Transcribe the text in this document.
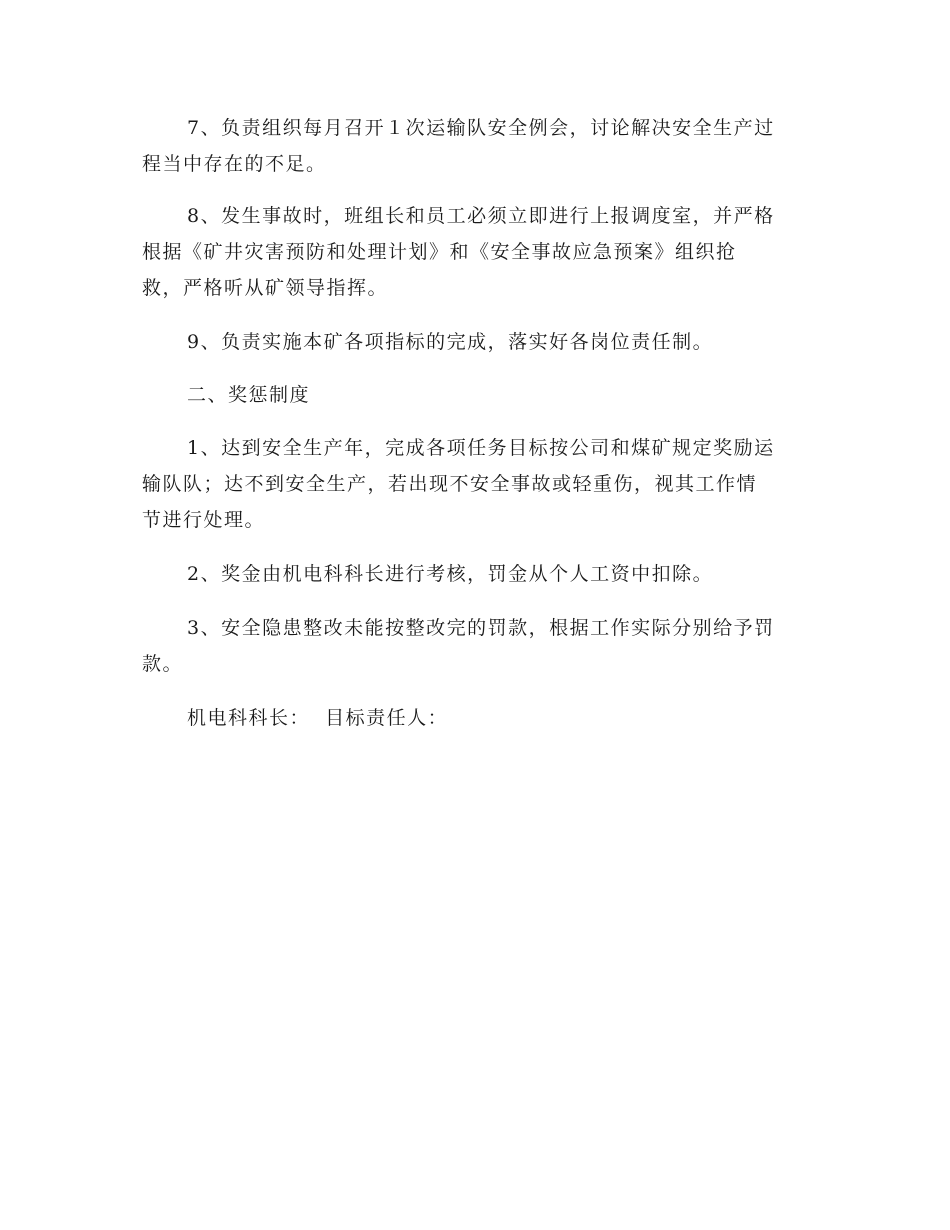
7、负责组织每月召开１次运输队安全例会，讨论解决安全生产过
程当中存在的不足。

8、发生事故时，班组长和员工必须立即进行上报调度室，并严格
根据《矿井灾害预防和处理计划》和《安全事故应急预案》组织抢
救，严格听从矿领导指挥。

9、负责实施本矿各项指标的完成，落实好各岗位责任制。

二、奖惩制度

1、达到安全生产年，完成各项任务目标按公司和煤矿规定奖励运
输队队；达不到安全生产，若出现不安全事故或轻重伤，视其工作情
节进行处理。

2、奖金由机电科科长进行考核，罚金从个人工资中扣除。

3、安全隐患整改未能按整改完的罚款，根据工作实际分别给予罚
款。

机电科科长：  目标责任人：
